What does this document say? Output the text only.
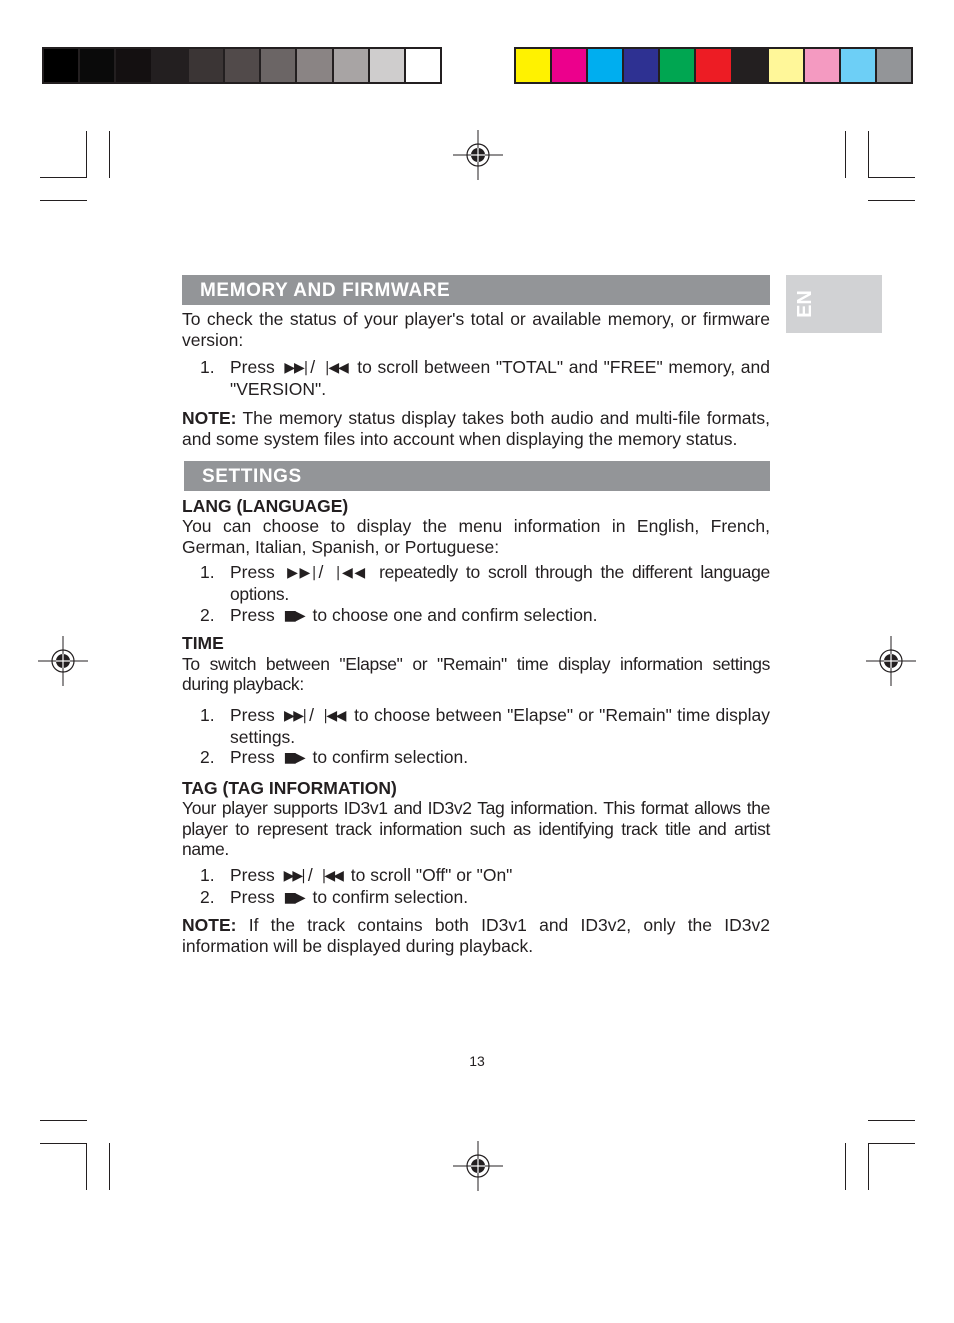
EN
MEMORY AND FIRMWARE

To check the status of your player's total or available memory, or firmware version:

1. Press ▶▶| / |◀◀ to scroll between "TOTAL" and "FREE" memory, and "VERSION".

NOTE: The memory status display takes both audio and multi-file formats, and some system files into account when displaying the memory status.

SETTINGS

LANG (LANGUAGE)

You can choose to display the menu information in English, French, German, Italian, Spanish, or Portuguese:

1. Press ▶▶| / |◀◀ repeatedly to scroll through the different language options.
2. Press ■▶ to choose one and confirm selection.

TIME

To switch between "Elapse" or "Remain" time display information settings during playback:

1. Press ▶▶| / |◀◀ to choose between "Elapse" or "Remain" time display settings.
2. Press ■▶ to confirm selection.

TAG (TAG INFORMATION)

Your player supports ID3v1 and ID3v2 Tag information. This format allows the player to represent track information such as identifying track title and artist name.

1. Press ▶▶| / |◀◀ to scroll "Off" or "On"
2. Press ■▶ to confirm selection.

NOTE: If the track contains both ID3v1 and ID3v2, only the ID3v2 information will be displayed during playback.

13
